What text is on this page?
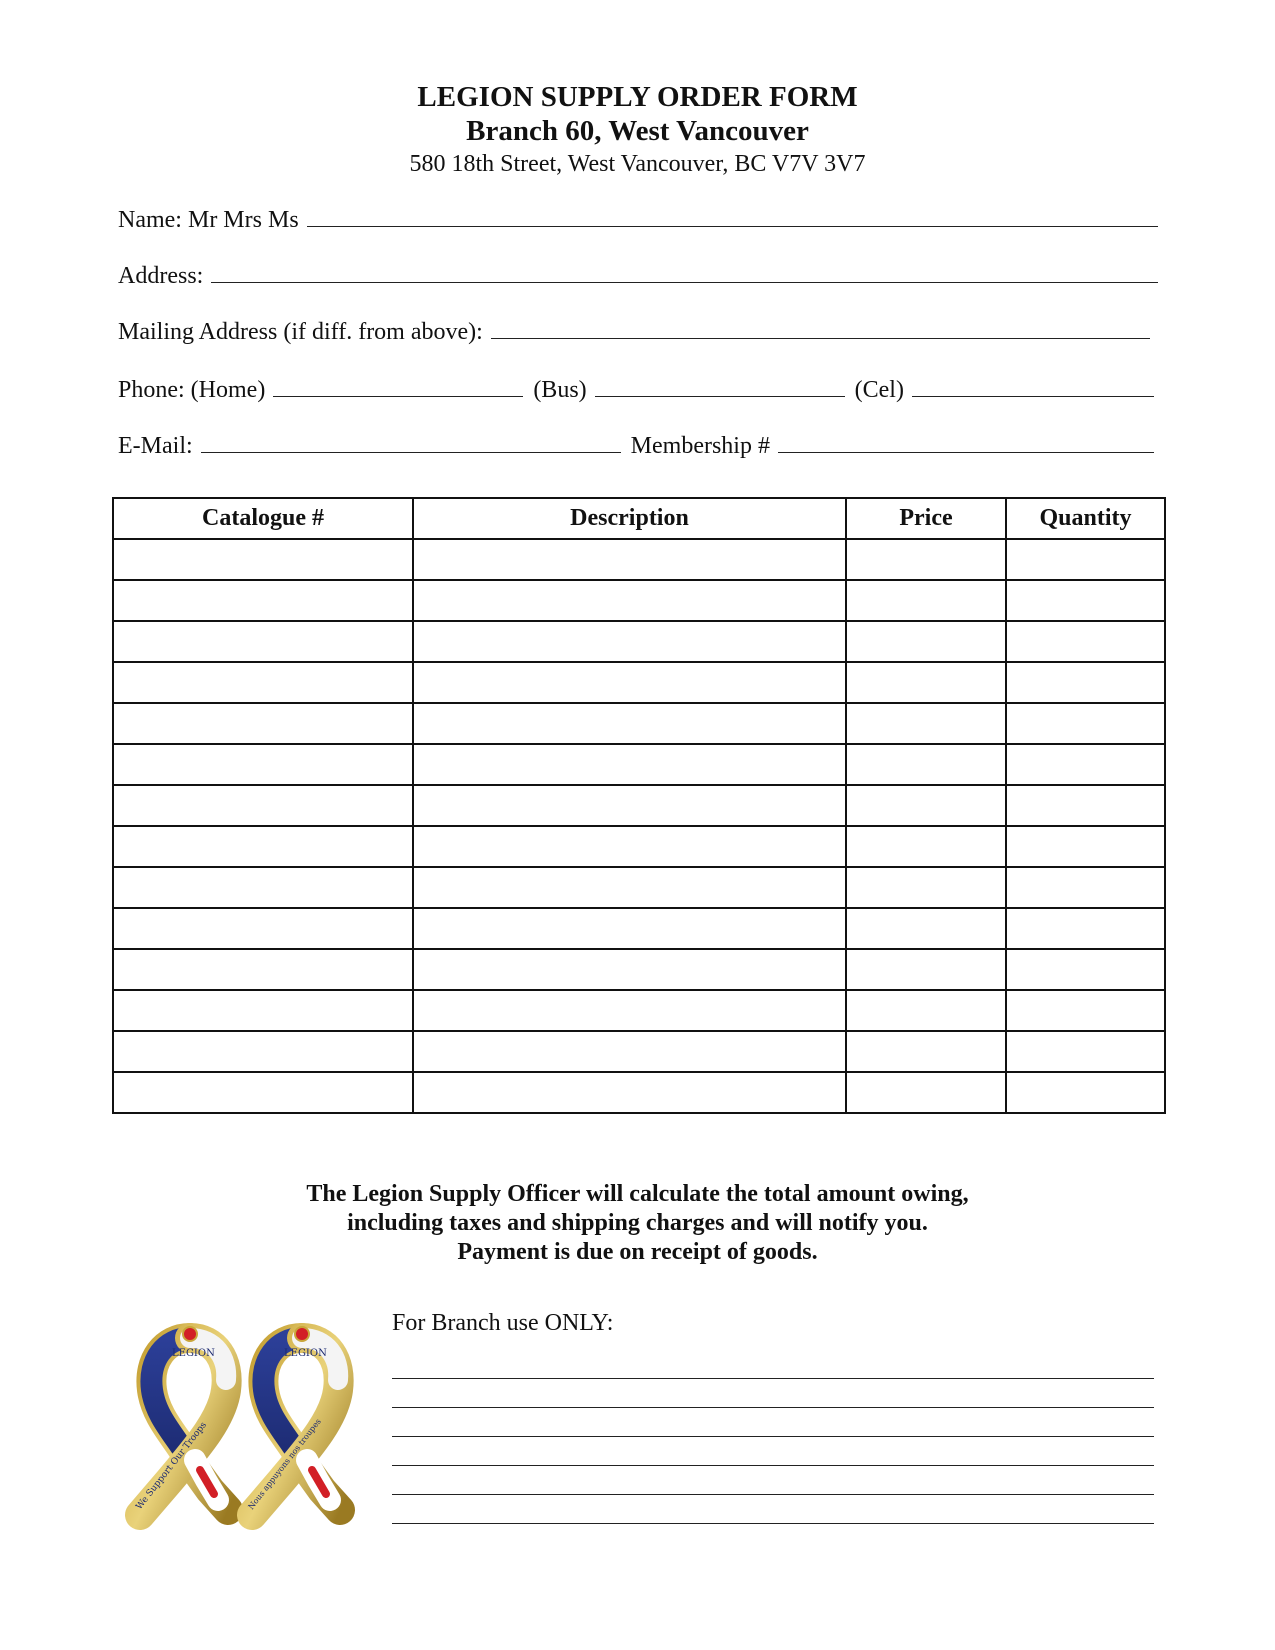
LEGION SUPPLY ORDER FORM
Branch 60, West Vancouver
580 18th Street, West Vancouver, BC V7V 3V7
Name: Mr Mrs Ms
Address:
Mailing Address (if diff. from above):
Phone: (Home)	(Bus)	(Cel)
E-Mail:	Membership #
Catalogue #	Description	Price	Quantity

The Legion Supply Officer will calculate the total amount owing,
including taxes and shipping charges and will notify you.
Payment is due on receipt of goods.
LEGION
We Support Our Troops
LEGION
Nous appuyons nos troupes
For Branch use ONLY:
